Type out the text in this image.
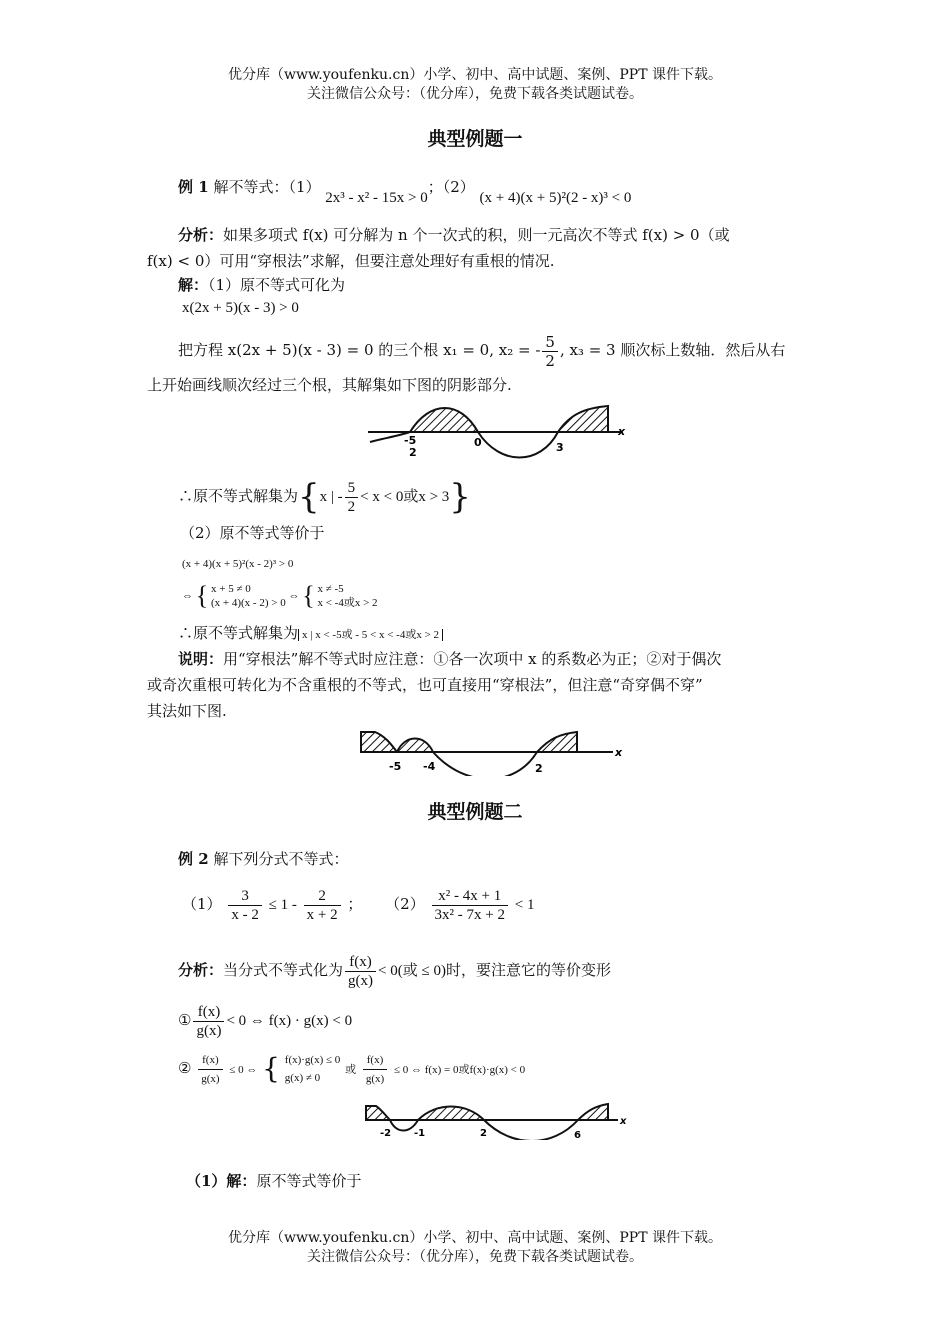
优分库（www.youfenku.cn）小学、初中、高中试题、案例、PPT 课件下载。
关注微信公众号：（优分库），免费下载各类试题试卷。
典型例题一
例 1 解不等式：（1） 2x³ - x² - 15x > 0；（2） (x + 4)(x + 5)²(2 - x)³ < 0
分析：如果多项式 f(x) 可分解为 n 个一次式的积，则一元高次不等式 f(x) > 0（或
f(x) < 0）可用“穿根法”求解，但要注意处理好有重根的情况.
解：（1）原不等式可化为
x(2x + 5)(x - 3) > 0
把方程 x(2x + 5)(x - 3) = 0 的三个根 x₁ = 0, x₂ = - $\frac{5}{2}$ , x₃ = 3 顺次标上数轴．然后从右
上开始画线顺次经过三个根，其解集如下图的阴影部分.
-5
2
0	3
x
∴原不等式解集为{x | - $\frac{5}{2} < x < 0$或x > 3}
（2）原不等式等价于
(x + 4)(x + 5)²(x - 2)³ > 0
⇔ { x + 5 ≠ 0
(x + 4)(x - 2) > 0
⇔ { x ≠ -5
x < -4或x > 2
∴原不等式解集为 x | x < -5或 - 5 < x < -4或x > 2
说明：用“穿根法”解不等式时应注意：①各一次项中 x 的系数必为正；②对于偶次
或奇次重根可转化为不含重根的不等式，也可直接用“穿根法”，但注意“奇穿偶不穿”
其法如下图.
-5 -4	2
x
典型例题二
例 2 解下列分式不等式：
$(1) \frac{3}{x - 2} \le 1 - \frac{2}{x + 2}$ ； $(2) \frac{\text{x² - 4x + 1}}{\text{3x² - 7x + 2}} < 1$
分析：当分式不等式化为 $\frac{f(x)}{g(x)} < 0$(或 ≤ 0)时，要注意它的等价变形
① $\frac{f(x)}{g(x)} < 0$ ⇔ f(x) · g(x) < 0
② $\frac{f(x)}{g(x)} \le 0$ ⇔ { f(x)·g(x) ≤ 0
g(x) ≠ 0
或 $\frac{f(x)}{g(x)} \le 0$ ⇔ f(x) = 0或f(x)·g(x) < 0
-2 -1	2	6
x
（1）解：原不等式等价于
优分库（www.youfenku.cn）小学、初中、高中试题、案例、PPT 课件下载。
关注微信公众号：（优分库），免费下载各类试题试卷。
